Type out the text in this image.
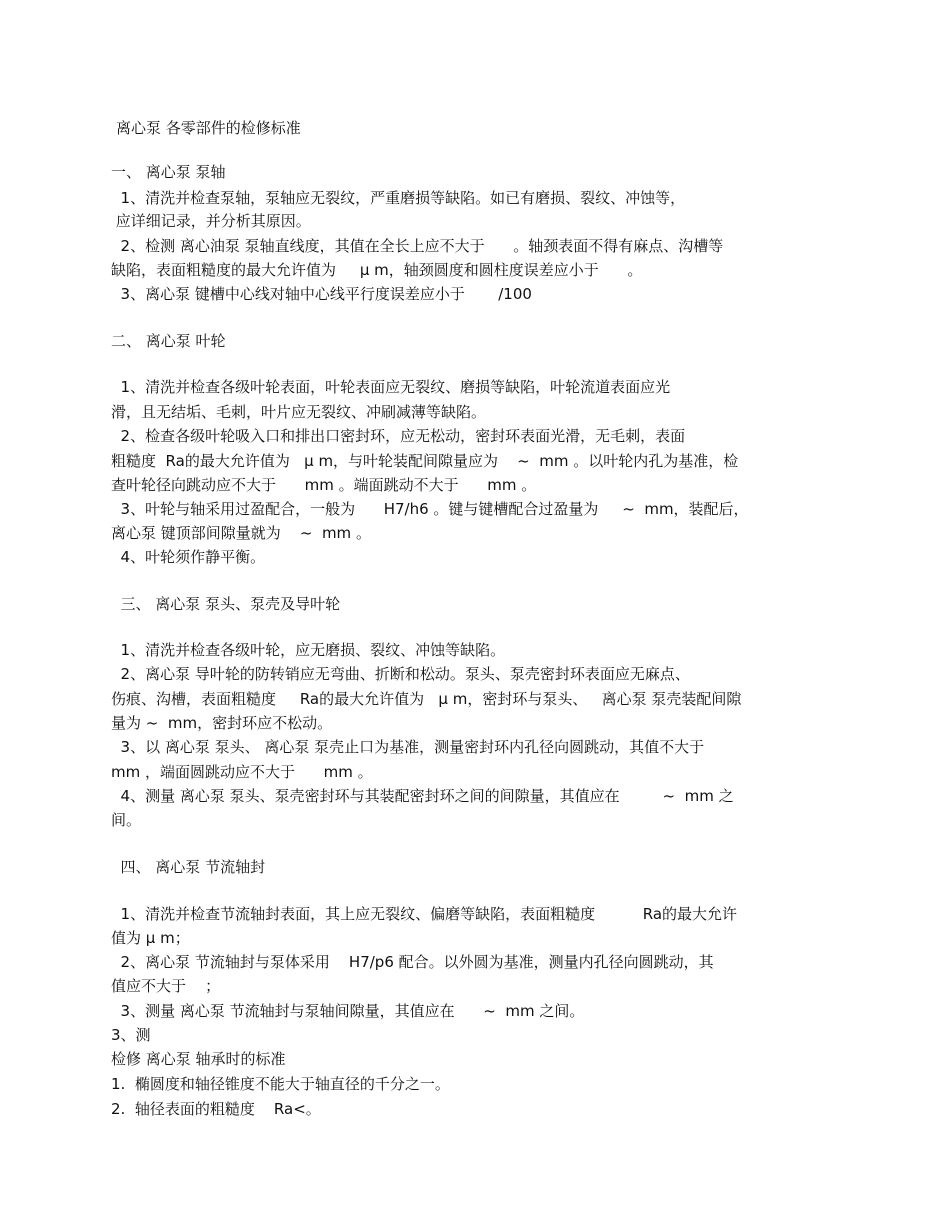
离心泵 各零部件的检修标准
一、 离心泵 泵轴
1、清洗并检查泵轴，泵轴应无裂纹，严重磨损等缺陷。如已有磨损、裂纹、冲蚀等，
应详细记录，并分析其原因。
2、检测 离心油泵 泵轴直线度，其值在全长上应不大于      。轴颈表面不得有麻点、沟槽等
缺陷，表面粗糙度的最大允许值为     μ m，轴颈圆度和圆柱度误差应小于      。
3、离心泵 键槽中心线对轴中心线平行度误差应小于       /100
二、 离心泵 叶轮
1、清洗并检查各级叶轮表面，叶轮表面应无裂纹、磨损等缺陷，叶轮流道表面应光
滑，且无结垢、毛刺，叶片应无裂纹、冲刷减薄等缺陷。
2、检查各级叶轮吸入口和排出口密封环，应无松动，密封环表面光滑，无毛刺，表面
粗糙度  Ra的最大允许值为   μ m，与叶轮装配间隙量应为    ~  mm 。以叶轮内孔为基准，检
查叶轮径向跳动应不大于      mm 。端面跳动不大于      mm 。
3、叶轮与轴采用过盈配合，一般为      H7/h6 。键与键槽配合过盈量为     ~  mm，装配后，
离心泵 键顶部间隙量就为    ~  mm 。
4、叶轮须作静平衡。
三、 离心泵 泵头、泵壳及导叶轮
1、清洗并检查各级叶轮，应无磨损、裂纹、冲蚀等缺陷。
2、离心泵 导叶轮的防转销应无弯曲、折断和松动。泵头、泵壳密封环表面应无麻点、
伤痕、沟槽，表面粗糙度     Ra的最大允许值为   μ m，密封环与泵头、   离心泵 泵壳装配间隙
量为 ~  mm，密封环应不松动。
3、以 离心泵 泵头、 离心泵 泵壳止口为基准，测量密封环内孔径向圆跳动，其值不大于
mm ，端面圆跳动应不大于      mm 。
4、测量 离心泵 泵头、泵壳密封环与其装配密封环之间的间隙量，其值应在         ~  mm 之
间。
四、 离心泵 节流轴封
1、清洗并检查节流轴封表面，其上应无裂纹、偏磨等缺陷，表面粗糙度          Ra的最大允许
值为 μ m；
2、离心泵 节流轴封与泵体采用    H7/p6 配合。以外圆为基准，测量内孔径向圆跳动，其
值应不大于    ；
3、测量 离心泵 节流轴封与泵轴间隙量，其值应在      ~  mm 之间。
3、测
检修 离心泵 轴承时的标准
1.  椭圆度和轴径锥度不能大于轴直径的千分之一。
2.  轴径表面的粗糙度    Ra<。
